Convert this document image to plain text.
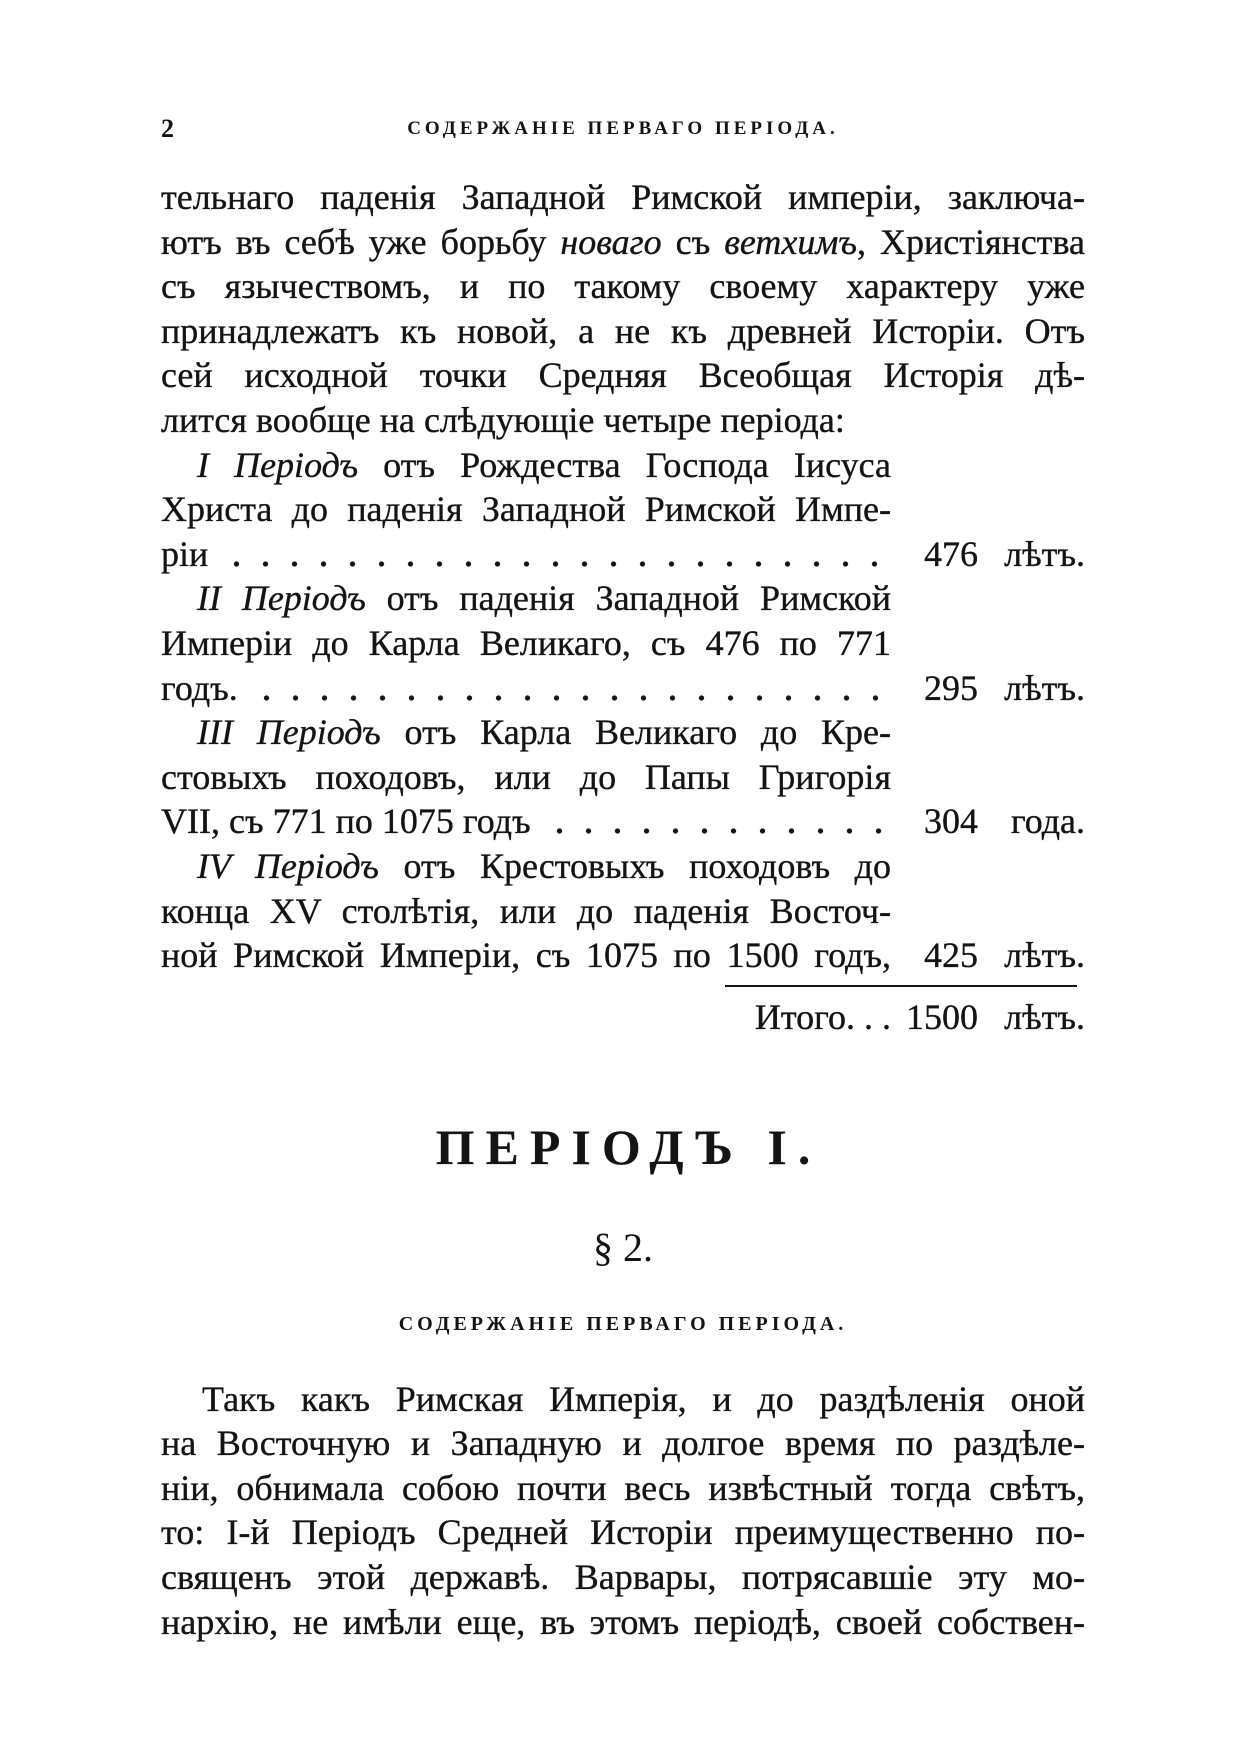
2	СОДЕРЖАНІЕ ПЕРВАГО ПЕРІОДА.
тельнаго паденія Западной Римской имперіи, заключа-
ютъ въ себѣ уже борьбу новаго съ ветхимъ, Христіянства
съ язычествомъ, и по такому своему характеру уже
принадлежатъ къ новой, а не къ древней Исторіи. Отъ
сей исходной точки Средняя Всеобщая Исторія дѣ-
лится вообще на слѣдующіе четыре періода:
I Періодъ отъ Рождества Господа Іисуса
Христа до паденія Западной Римской Импе-
ріи	476 лѣтъ.
II Періодъ отъ паденія Западной Римской
Имперіи до Карла Великаго, съ 476 по 771
годъ.	295 лѣтъ.
III Періодъ отъ Карла Великаго до Кре-
стовыхъ походовъ, или до Папы Григорія
VII, съ 771 по 1075 годъ	304 года.
IV Періодъ отъ Крестовыхъ походовъ до
конца XV столѣтія, или до паденія Восточ-
ной Римской Имперіи, съ 1075 по 1500 годъ, 425 лѣтъ.
Итого. . . 1500 лѣтъ.
ПЕРІОДЪ I.
§ 2.
СОДЕРЖАНІЕ ПЕРВАГО ПЕРІОДА.
Такъ какъ Римская Имперія, и до раздѣленія оной
на Восточную и Западную и долгое время по раздѣле-
ніи, обнимала собою почти весь извѣстный тогда свѣтъ,
то: I-й Періодъ Средней Исторіи преимущественно по-
священъ этой державѣ. Варвары, потрясавшіе эту мо-
нархію, не имѣли еще, въ этомъ періодѣ, своей собствен-
